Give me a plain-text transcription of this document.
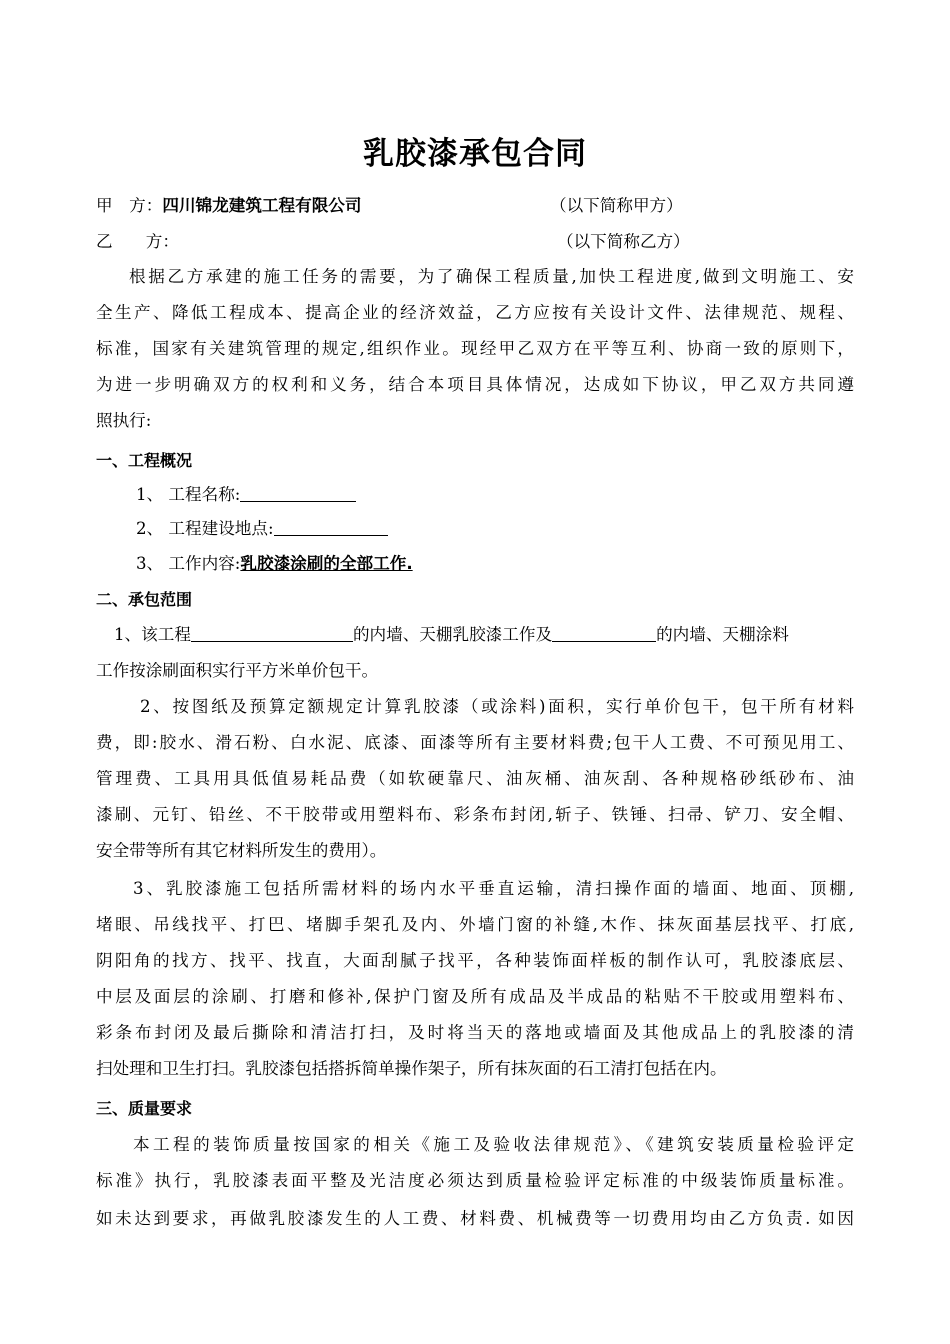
乳胶漆承包合同
甲　方：四川锦龙建筑工程有限公司	（以下简称甲方）
乙　　方：	（以下简称乙方）
根据乙方承建的施工任务的需要，为了确保工程质量,加快工程进度,做到文明施工、安
全生产、降低工程成本、提高企业的经济效益，乙方应按有关设计文件、法律规范、规程、
标准，国家有关建筑管理的规定,组织作业。现经甲乙双方在平等互利、协商一致的原则下，
为进一步明确双方的权利和义务，结合本项目具体情况，达成如下协议，甲乙双方共同遵
照执行:
一、工程概况
1、 工程名称:
2、 工程建设地点:
3、 工作内容:乳胶漆涂刷的全部工作.
二、承包范围
1、该工程	的内墙、天棚乳胶漆工作及	的内墙、天棚涂料
工作按涂刷面积实行平方米单价包干。
2、按图纸及预算定额规定计算乳胶漆（或涂料)面积，实行单价包干，包干所有材料
费，即:胶水、滑石粉、白水泥、底漆、面漆等所有主要材料费;包干人工费、不可预见用工、
管理费、工具用具低值易耗品费（如软硬靠尺、油灰桶、油灰刮、各种规格砂纸砂布、油
漆刷、元钉、铅丝、不干胶带或用塑料布、彩条布封闭,斩子、铁锤、扫帚、铲刀、安全帽、
安全带等所有其它材料所发生的费用）。
3、乳胶漆施工包括所需材料的场内水平垂直运输，清扫操作面的墙面、地面、顶棚,
堵眼、吊线找平、打巴、堵脚手架孔及内、外墙门窗的补缝,木作、抹灰面基层找平、打底,
阴阳角的找方、找平、找直，大面刮腻子找平，各种装饰面样板的制作认可，乳胶漆底层、
中层及面层的涂刷、打磨和修补,保护门窗及所有成品及半成品的粘贴不干胶或用塑料布、
彩条布封闭及最后撕除和清洁打扫，及时将当天的落地或墙面及其他成品上的乳胶漆的清
扫处理和卫生打扫。乳胶漆包括搭拆简单操作架子，所有抹灰面的石工清打包括在内。
三、质量要求
本工程的装饰质量按国家的相关《施工及验收法律规范》、《建筑安装质量检验评定
标准》执行，乳胶漆表面平整及光洁度必须达到质量检验评定标准的中级装饰质量标准。
如未达到要求，再做乳胶漆发生的人工费、材料费、机械费等一切费用均由乙方负责. 如因
